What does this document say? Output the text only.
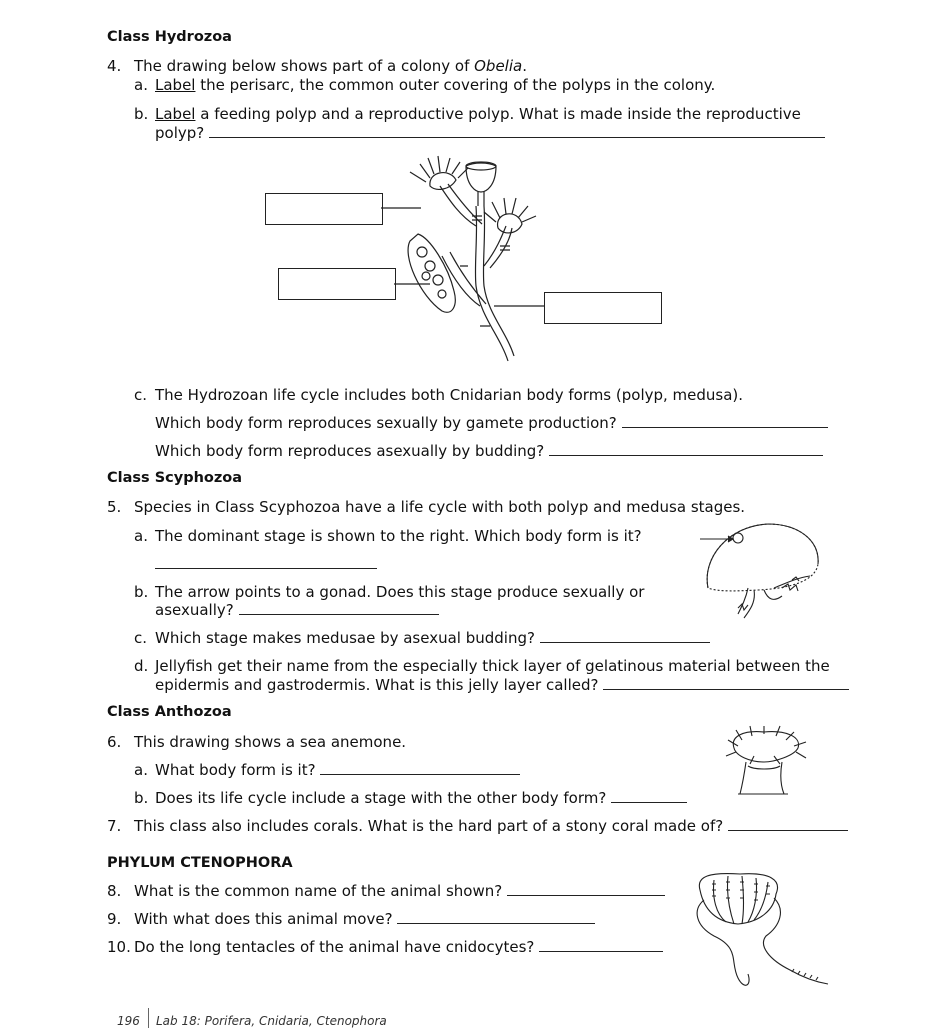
Class Hydrozoa
4. The drawing below shows part of a colony of Obelia.
a. Label the perisarc, the common outer covering of the polyps in the colony.
b. Label a feeding polyp and a reproductive polyp. What is made inside the reproductive
polyp?
c. The Hydrozoan life cycle includes both Cnidarian body forms (polyp, medusa).
Which body form reproduces sexually by gamete production?
Which body form reproduces asexually by budding?
Class Scyphozoa
5. Species in Class Scyphozoa have a life cycle with both polyp and medusa stages.
a. The dominant stage is shown to the right. Which body form is it?
b. The arrow points to a gonad. Does this stage produce sexually or
asexually?
c. Which stage makes medusae by asexual budding?
d. Jellyfish get their name from the especially thick layer of gelatinous material between the
epidermis and gastrodermis. What is this jelly layer called?
Class Anthozoa
6. This drawing shows a sea anemone.
a. What body form is it?
b. Does its life cycle include a stage with the other body form?
7. This class also includes corals. What is the hard part of a stony coral made of?
PHYLUM CTENOPHORA
8. What is the common name of the animal shown?
9. With what does this animal move?
10. Do the long tentacles of the animal have cnidocytes?
196 Lab 18: Porifera, Cnidaria, Ctenophora
